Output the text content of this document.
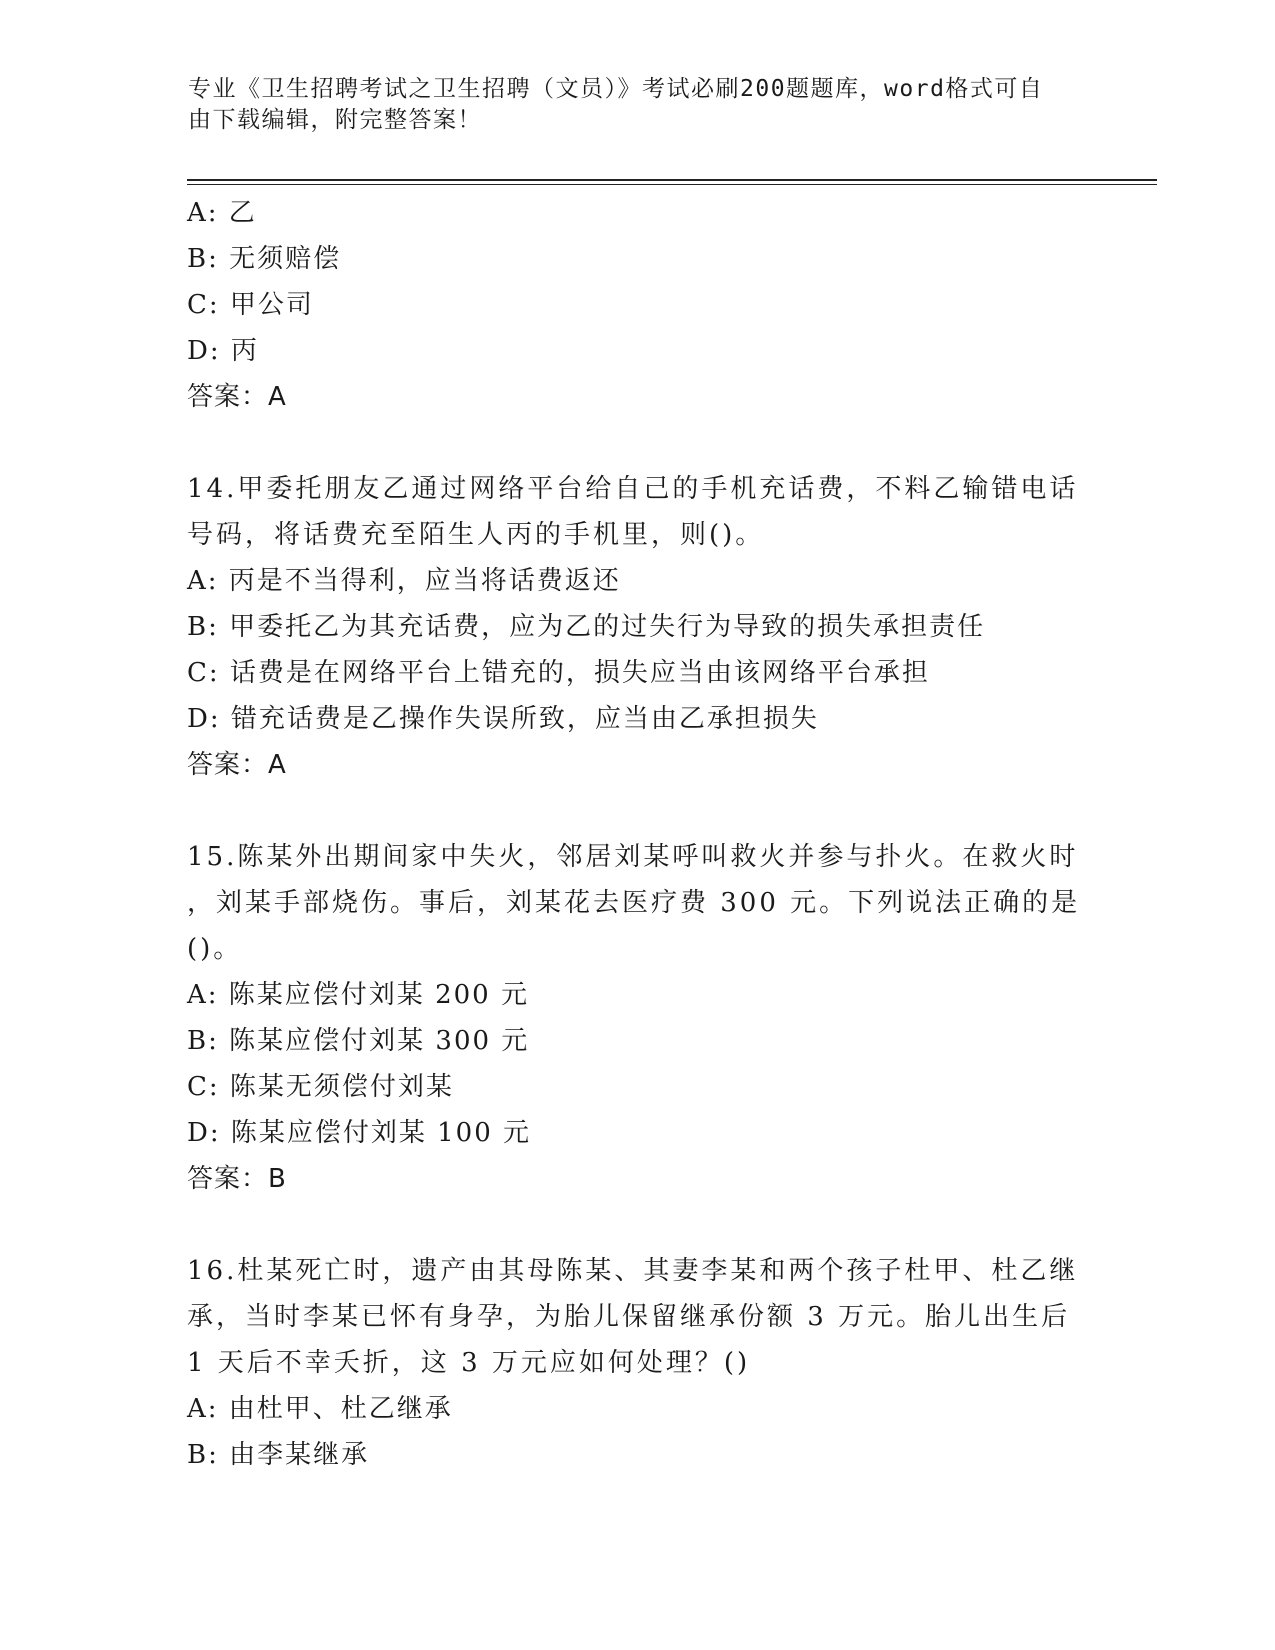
专业《卫生招聘考试之卫生招聘（文员）》考试必刷200题题库，word格式可自
由下载编辑，附完整答案！
A: 乙
B: 无须赔偿
C: 甲公司
D: 丙
答案：A
14.甲委托朋友乙通过网络平台给自己的手机充话费，不料乙输错电话
号码，将话费充至陌生人丙的手机里，则()。
A: 丙是不当得利，应当将话费返还
B: 甲委托乙为其充话费，应为乙的过失行为导致的损失承担责任
C: 话费是在网络平台上错充的，损失应当由该网络平台承担
D: 错充话费是乙操作失误所致，应当由乙承担损失
答案：A
15.陈某外出期间家中失火，邻居刘某呼叫救火并参与扑火。在救火时
，刘某手部烧伤。事后，刘某花去医疗费 300 元。下列说法正确的是
()。
A: 陈某应偿付刘某 200 元
B: 陈某应偿付刘某 300 元
C: 陈某无须偿付刘某
D: 陈某应偿付刘某 100 元
答案：B
16.杜某死亡时，遗产由其母陈某、其妻李某和两个孩子杜甲、杜乙继
承，当时李某已怀有身孕，为胎儿保留继承份额 3 万元。胎儿出生后
1 天后不幸夭折，这 3 万元应如何处理？()
A: 由杜甲、杜乙继承
B: 由李某继承
